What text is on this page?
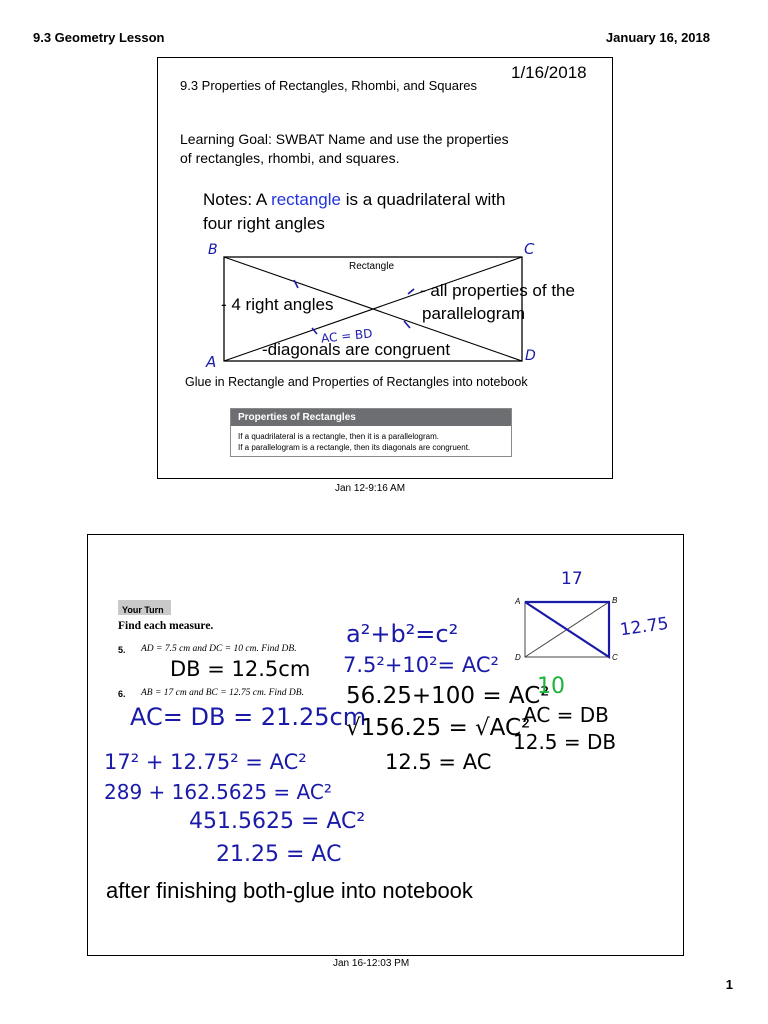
9.3 Geometry Lesson	January 16, 2018
1/16/2018
9.3 Properties of Rectangles, Rhombi, and Squares
Learning Goal: SWBAT Name and use the properties
of rectangles, rhombi, and squares.
Notes: A rectangle is a quadrilateral with
four right angles
Rectangle
B	C
A	D
- 4 right angles
- all properties of the
parallelogram
AC = BD
-diagonals are congruent
Glue in Rectangle and Properties of Rectangles into notebook
Properties of Rectangles
If a quadrilateral is a rectangle, then it is a parallelogram.
If a parallelogram is a rectangle, then its diagonals are congruent.
Jan 12-9:16 AM
Your Turn
Find each measure.
5. AD = 7.5 cm and DC = 10 cm. Find DB.
DB = 12.5cm
6. AB = 17 cm and BC = 12.75 cm. Find DB.
AC= DB = 21.25cm
a²+b²=c²
7.5²+10²= AC²
56.25+100 = AC²
√156.25 = √AC²
12.5 = AC
10
AC = DB
12.5 = DB
17² + 12.75² = AC²
289 + 162.5625 = AC²
451.5625 = AC²
21.25 = AC
A	B
C
D
17
12.75
after finishing both-glue into notebook
Jan 16-12:03 PM
1
